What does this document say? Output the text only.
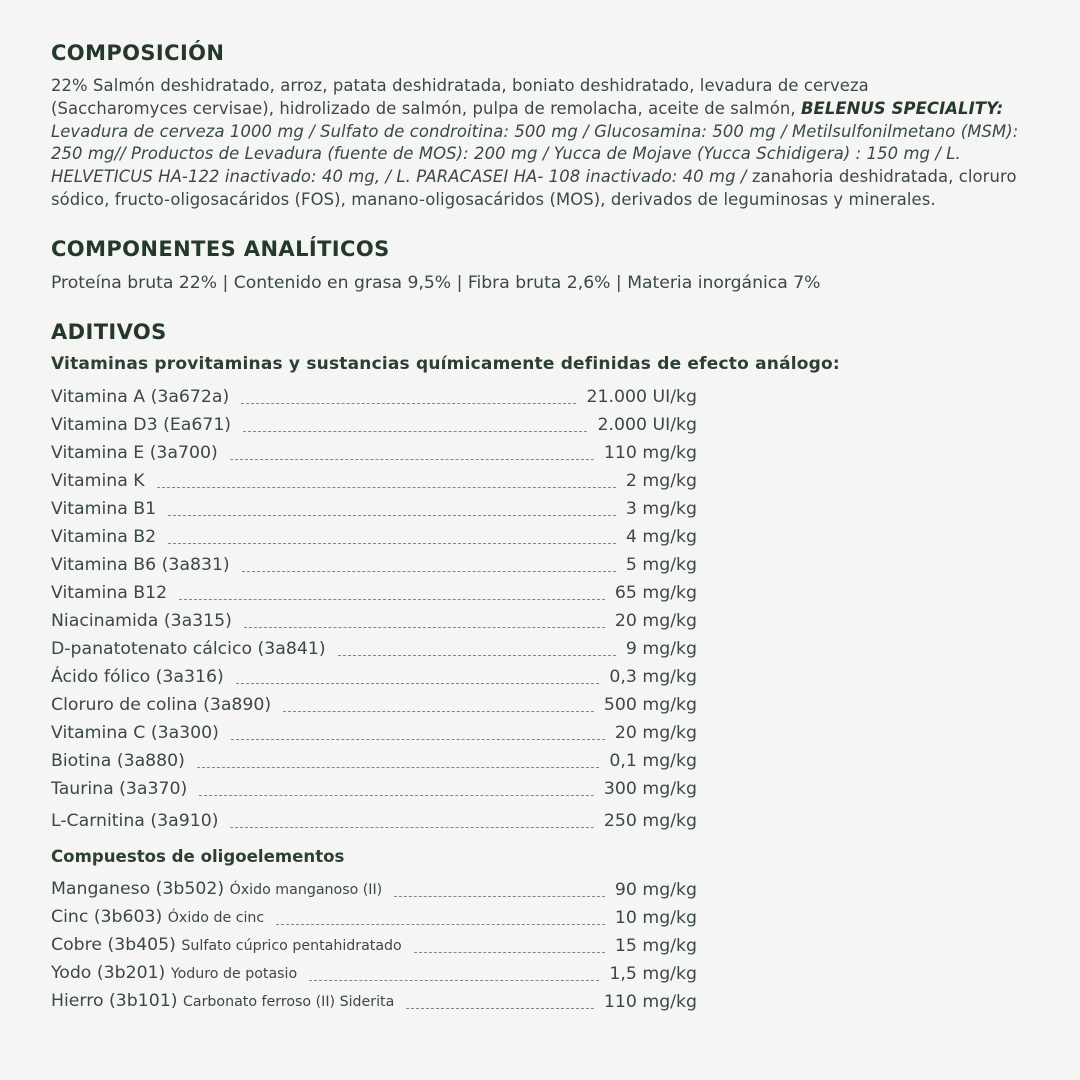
COMPOSICIÓN
22% Salmón deshidratado, arroz, patata deshidratada, boniato deshidratado, levadura de cerveza
(Saccharomyces cervisae), hidrolizado de salmón, pulpa de remolacha, aceite de salmón, BELENUS SPECIALITY: Levadura de cerveza 1000 mg / Sulfato de condroitina: 500 mg / Glucosamina: 500 mg / Metilsulfonilmetano (MSM): 250 mg// Productos de Levadura (fuente de MOS): 200 mg / Yucca de Mojave (Yucca Schidigera) : 150 mg / L. HELVETICUS HA-122 inactivado: 40 mg, / L. PARACASEI HA- 108 inactivado: 40 mg / zanahoria deshidratada, cloruro sódico, fructo-oligosacáridos (FOS), manano-oligosacáridos (MOS), derivados de leguminosas y minerales.
COMPONENTES ANALÍTICOS
Proteína bruta 22% | Contenido en grasa 9,5% | Fibra bruta 2,6% | Materia inorgánica 7%
ADITIVOS
Vitaminas provitaminas y sustancias químicamente definidas de efecto análogo:
Vitamina A (3a672a)	21.000 UI/kg
Vitamina D3 (Ea671)	2.000 UI/kg
Vitamina E (3a700)	110 mg/kg
Vitamina K	2 mg/kg
Vitamina B1	3 mg/kg
Vitamina B2	4 mg/kg
Vitamina B6 (3a831)	5 mg/kg
Vitamina B12	65 mg/kg
Niacinamida (3a315)	20 mg/kg
D-panatotenato cálcico (3a841)	9 mg/kg
Ácido fólico (3a316)	0,3 mg/kg
Cloruro de colina (3a890)	500 mg/kg
Vitamina C (3a300)	20 mg/kg
Biotina (3a880)	0,1 mg/kg
Taurina (3a370)	300 mg/kg
L-Carnitina (3a910)	250 mg/kg
Compuestos de oligoelementos
Manganeso (3b502) Óxido manganoso (II)	90 mg/kg
Cinc (3b603) Óxido de cinc	10 mg/kg
Cobre (3b405) Sulfato cúprico pentahidratado	15 mg/kg
Yodo (3b201) Yoduro de potasio	1,5 mg/kg
Hierro (3b101) Carbonato ferroso (II) Siderita	110 mg/kg
